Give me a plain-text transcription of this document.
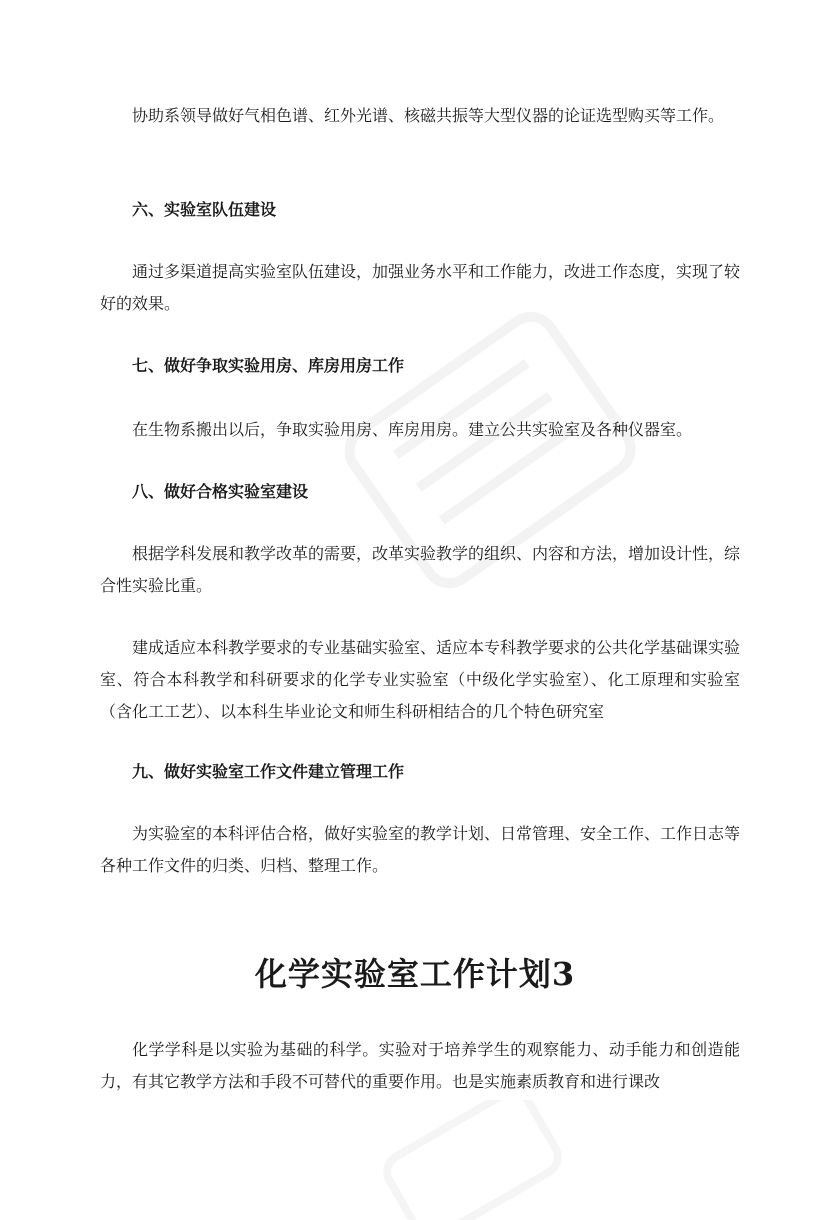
协助系领导做好气相色谱、红外光谱、核磁共振等大型仪器的论证选型购买等工作。

六、实验室队伍建设

通过多渠道提高实验室队伍建设，加强业务水平和工作能力，改进工作态度，实现了较好的效果。

七、做好争取实验用房、库房用房工作

在生物系搬出以后，争取实验用房、库房用房。建立公共实验室及各种仪器室。

八、做好合格实验室建设

根据学科发展和教学改革的需要，改革实验教学的组织、内容和方法，增加设计性，综合性实验比重。

建成适应本科教学要求的专业基础实验室、适应本专科教学要求的公共化学基础课实验室、符合本科教学和科研要求的化学专业实验室（中级化学实验室）、化工原理和实验室（含化工工艺）、以本科生毕业论文和师生科研相结合的几个特色研究室

九、做好实验室工作文件建立管理工作

为实验室的本科评估合格，做好实验室的教学计划、日常管理、安全工作、工作日志等各种工作文件的归类、归档、整理工作。

化学实验室工作计划3

化学学科是以实验为基础的科学。实验对于培养学生的观察能力、动手能力和创造能力，有其它教学方法和手段不可替代的重要作用。也是实施素质教育和进行课改
